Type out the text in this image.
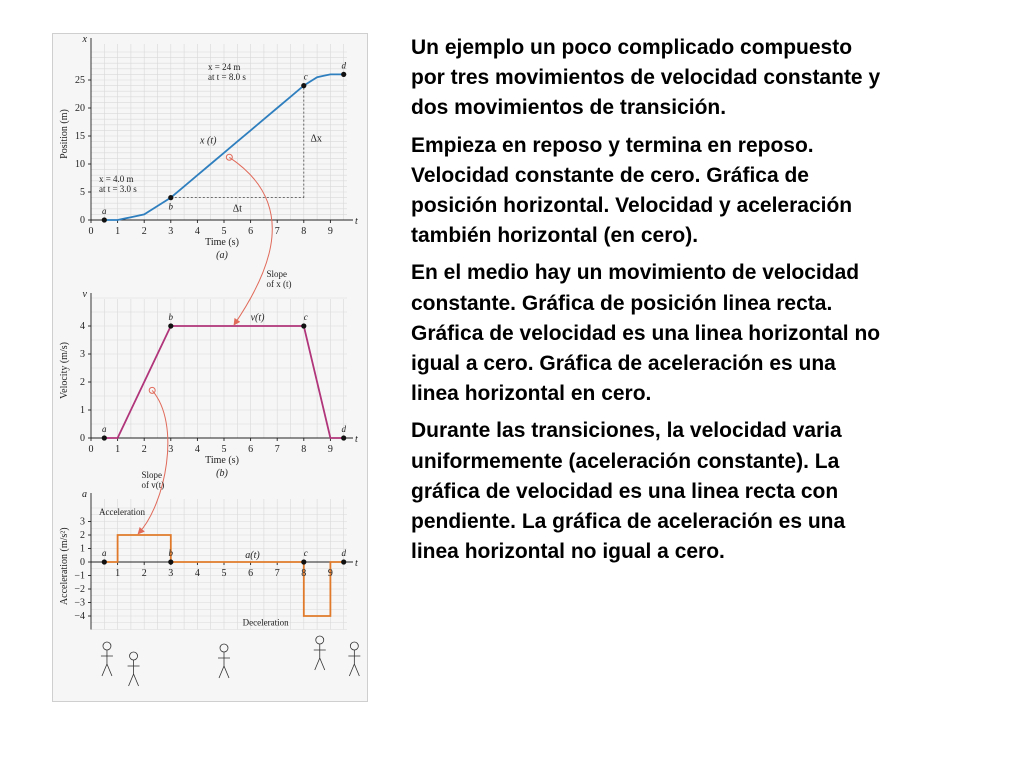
0
5
10
15
20
25
0 1 2 3 4 5 6 7 8 9
x
t
Position (m)
Time (s)
a	b
c
d
(a)
0
1
2
3
4
0 1 2 3 4 5 6 7 8 9
v
t
Velocity (m/s)
Time (s)
a
b	c
d
(b)
−4
−3
−2
−1
0
1
2
3
1 2 3 4 5 6 7 8 9
a
t
Acceleration (m/s²)	a	b	c	d
x = 4.0 m at t = 3.0 s
x = 24 m at t = 8.0 s
x (t)
Δt
Δx
Slope of x (t)
v(t)
Slope of v(t)
Acceleration
a(t)
Deceleration

Un ejemplo un poco complicado compuesto
por tres movimientos de velocidad constante y
dos movimientos de transición.

Empieza en reposo y termina en reposo.
Velocidad constante de cero. Gráfica de
posición horizontal. Velocidad y aceleración
también horizontal (en cero).

En el medio hay un movimiento de velocidad
constante. Gráfica de posición linea recta.
Gráfica de velocidad es una linea horizontal no
igual a cero. Gráfica de aceleración es una
linea horizontal en cero.

Durante las transiciones, la velocidad varia
uniformemente (aceleración constante). La
gráfica de velocidad es una linea recta con
pendiente. La gráfica de aceleración es una
linea horizontal no igual a cero.
